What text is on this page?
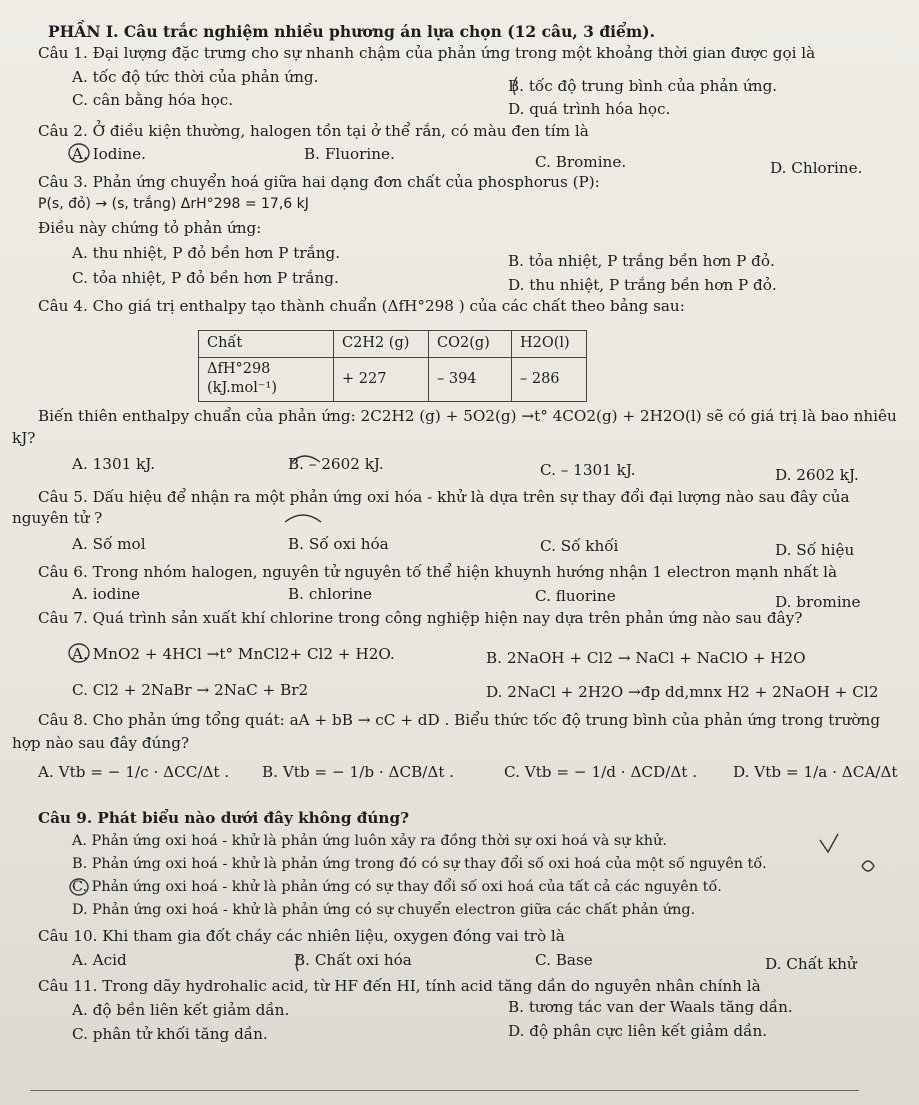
PHẦN I. Câu trắc nghiệm nhiều phương án lựa chọn (12 câu, 3 điểm).
Câu 1. Đại lượng đặc trưng cho sự nhanh chậm của phản ứng trong một khoảng thời gian được gọi là
A. tốc độ tức thời của phản ứng.	B. tốc độ trung bình của phản ứng.
C. cân bằng hóa học.	D. quá trình hóa học.
Câu 2. Ở điều kiện thường, halogen tồn tại ở thể rắn, có màu đen tím là
A. Iodine.	B. Fluorine.	C. Bromine.	D. Chlorine.
Câu 3. Phản ứng chuyển hoá giữa hai dạng đơn chất của phosphorus (P):
P(s, đỏ) → (s, trắng) ΔrH°298 = 17,6 kJ
Điều này chứng tỏ phản ứng:
A. thu nhiệt, P đỏ bền hơn P trắng.	B. tỏa nhiệt, P trắng bền hơn P đỏ.
C. tỏa nhiệt, P đỏ bền hơn P trắng.	D. thu nhiệt, P trắng bền hơn P đỏ.
Câu 4. Cho giá trị enthalpy tạo thành chuẩn (ΔfH°298 ) của các chất theo bảng sau:
Chất	C2H2 (g)	CO2(g)	H2O(l)
ΔfH°298 (kJ.mol⁻¹)	+ 227	– 394	– 286
Biến thiên enthalpy chuẩn của phản ứng: 2C2H2 (g) + 5O2(g) →t° 4CO2(g) + 2H2O(l) sẽ có giá trị là bao nhiêu
kJ?
A. 1301 kJ.	B. – 2602 kJ.	C. – 1301 kJ.	D. 2602 kJ.
Câu 5. Dấu hiệu để nhận ra một phản ứng oxi hóa - khử là dựa trên sự thay đổi đại lượng nào sau đây của
nguyên tử ?
A. Số mol	B. Số oxi hóa	C. Số khối	D. Số hiệu
Câu 6. Trong nhóm halogen, nguyên tử nguyên tố thể hiện khuynh hướng nhận 1 electron mạnh nhất là
A. iodine	B. chlorine	C. fluorine	D. bromine
Câu 7. Quá trình sản xuất khí chlorine trong công nghiệp hiện nay dựa trên phản ứng nào sau đây?
A. MnO2 + 4HCl →t° MnCl2+ Cl2 + H2O.	B. 2NaOH + Cl2 → NaCl + NaClO + H2O
C. Cl2 + 2NaBr → 2NaC + Br2	D. 2NaCl + 2H2O →đp dd,mnx H2 + 2NaOH + Cl2
Câu 8. Cho phản ứng tổng quát: aA + bB → cC + dD . Biểu thức tốc độ trung bình của phản ứng trong trường
hợp nào sau đây đúng?
A. Vtb = − 1/c · ΔCC/Δt . B. Vtb = − 1/b · ΔCB/Δt .	C. Vtb = − 1/d · ΔCD/Δt . D. Vtb = 1/a · ΔCA/Δt
Câu 9. Phát biểu nào dưới đây không đúng?
A. Phản ứng oxi hoá - khử là phản ứng luôn xảy ra đồng thời sự oxi hoá và sự khử.
B. Phản ứng oxi hoá - khử là phản ứng trong đó có sự thay đổi số oxi hoá của một số nguyên tố.
C. Phản ứng oxi hoá - khử là phản ứng có sự thay đổi số oxi hoá của tất cả các nguyên tố.
D. Phản ứng oxi hoá - khử là phản ứng có sự chuyển electron giữa các chất phản ứng.
Câu 10. Khi tham gia đốt cháy các nhiên liệu, oxygen đóng vai trò là
A. Acid	B. Chất oxi hóa	C. Base	D. Chất khử
Câu 11. Trong dãy hydrohalic acid, từ HF đến HI, tính acid tăng dần do nguyên nhân chính là
A. độ bền liên kết giảm dần.	B. tương tác van der Waals tăng dần.
C. phân tử khối tăng dần.	D. độ phân cực liên kết giảm dần.
